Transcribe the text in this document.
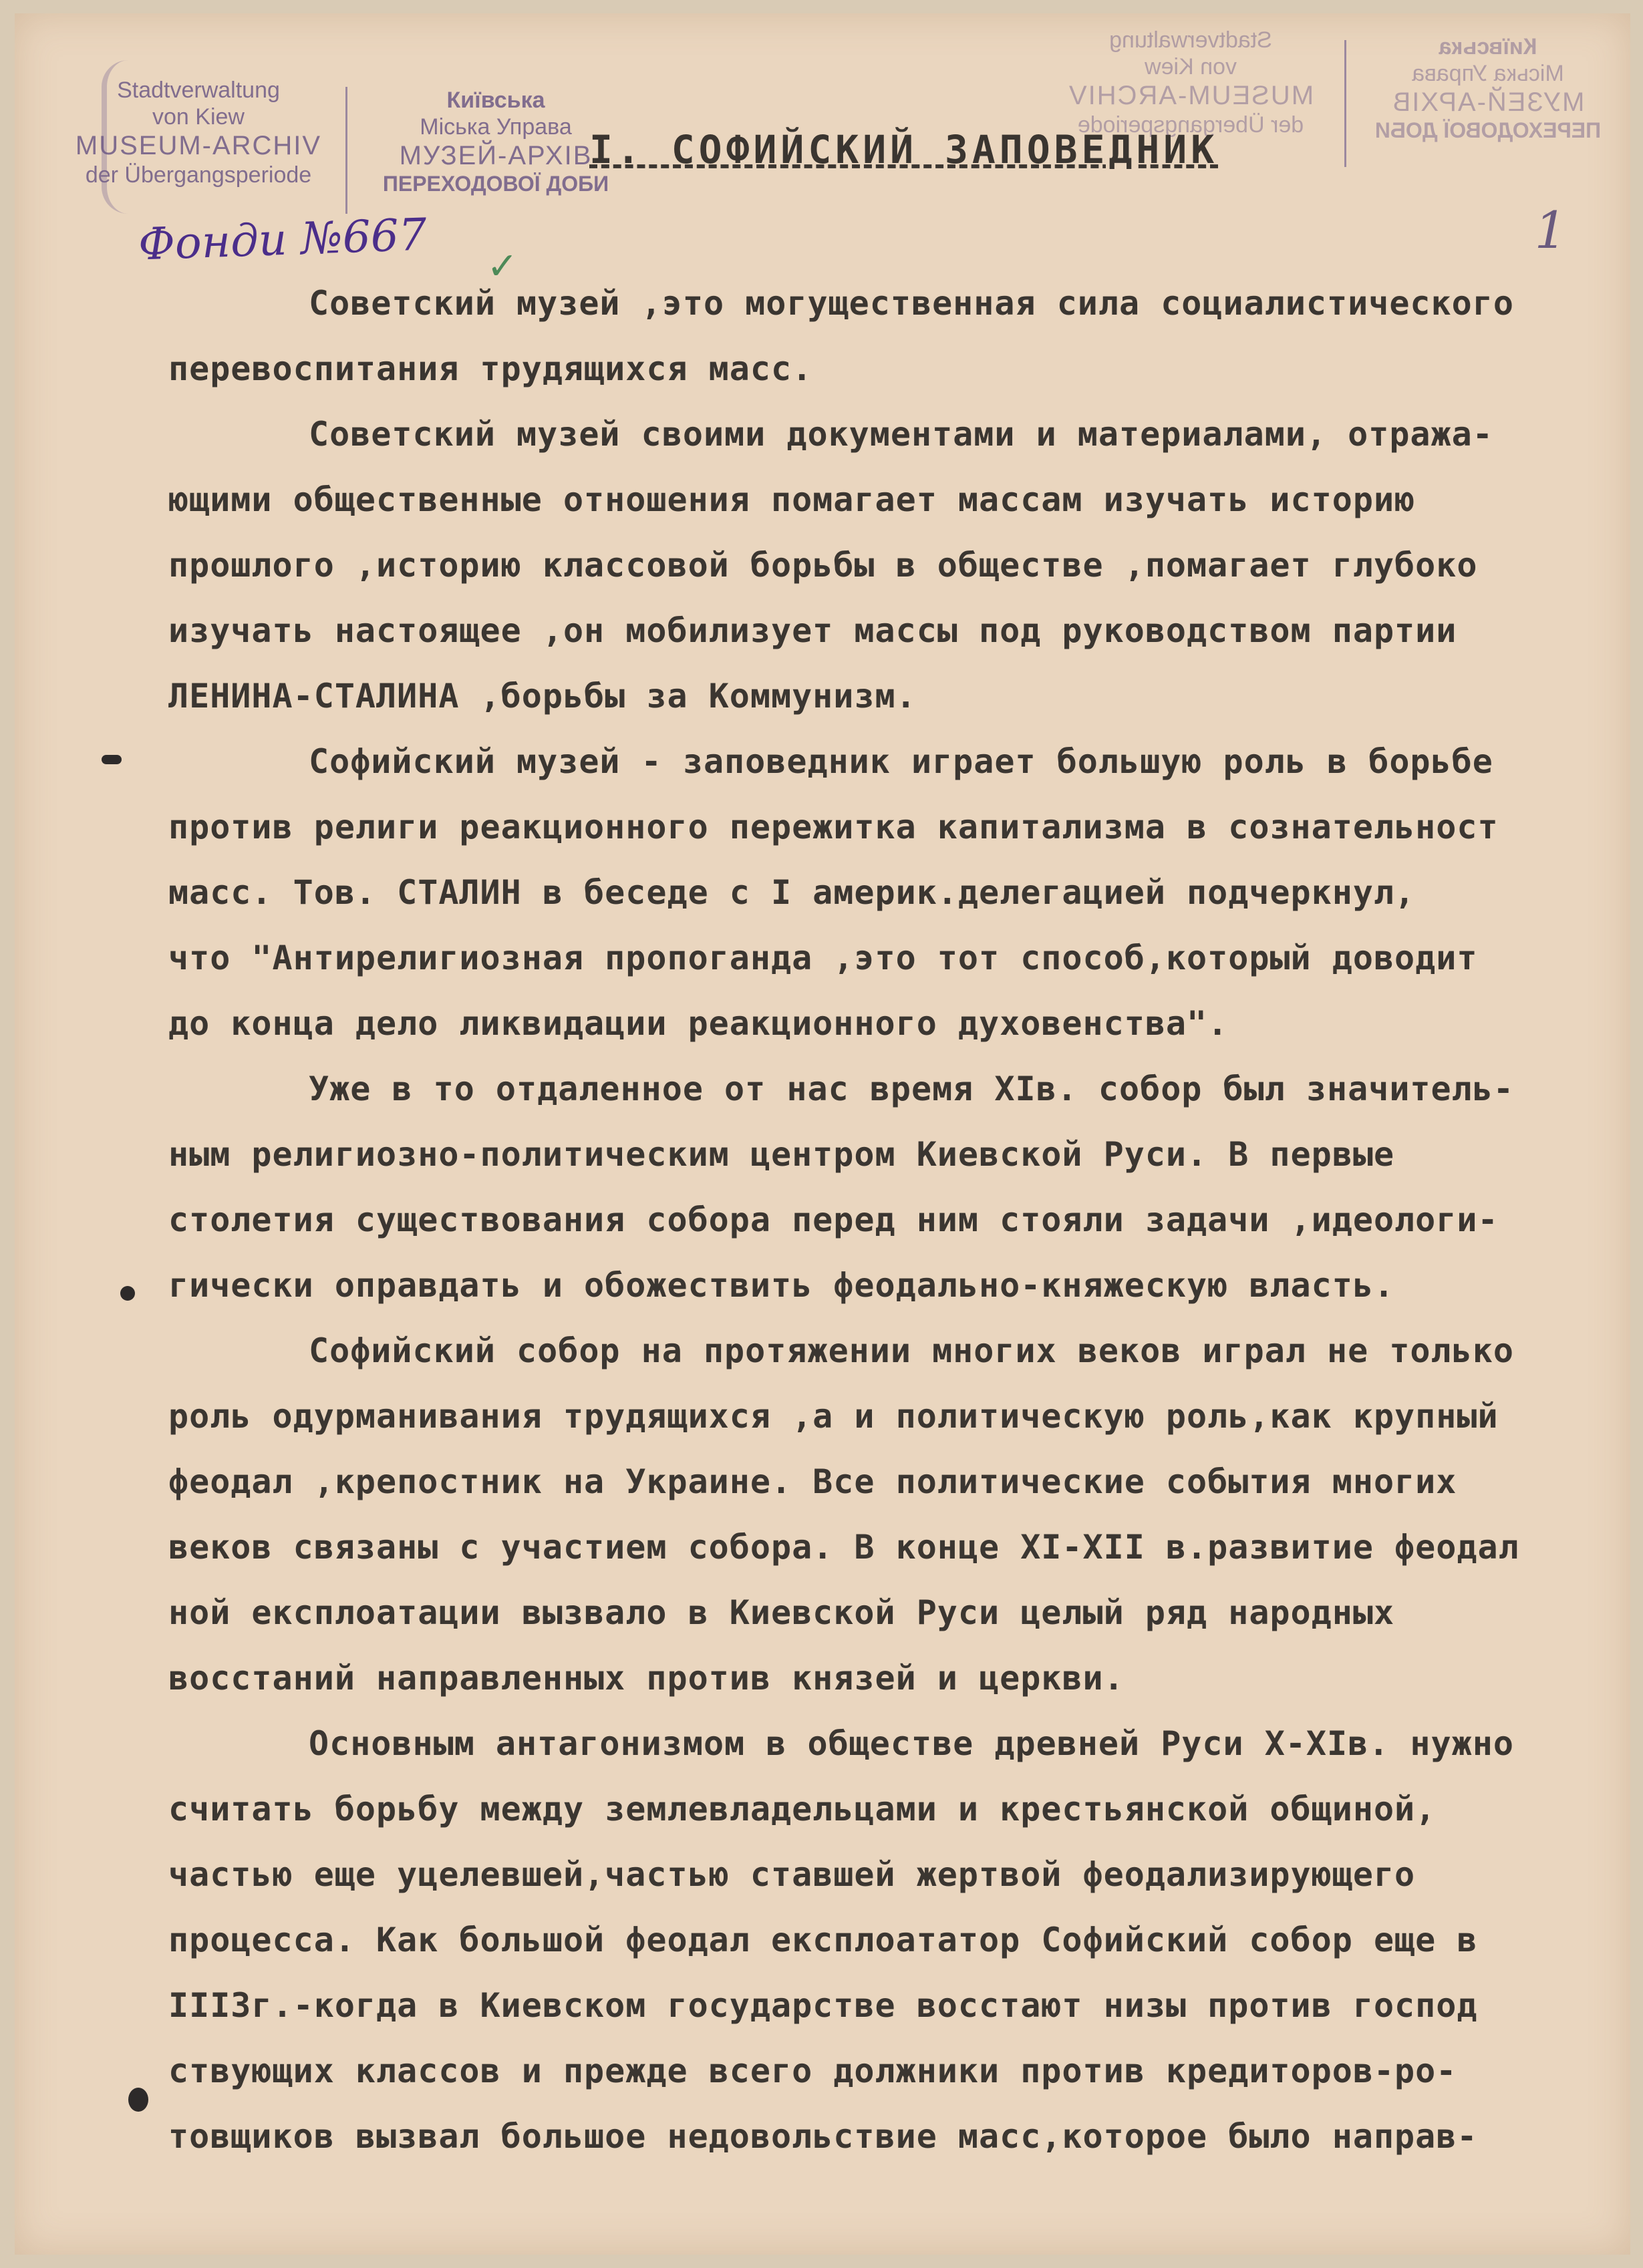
Stadtverwaltung
von Kiew
MUSEUM-ARCHIV
der Übergangsperiode
Київська
Міська Управа
МУЗЕЙ-АРХІВ
ПЕРЕХОДОВОЇ ДОБИ
Stadtverwaltung
von Kiew
MUSEUM-ARCHIV
der Übergangsperiode
Київська
Міська Управа
МУЗЕЙ-АРХІВ
ПЕРЕХОДОВОЇ ДОБИ
I. СОФИЙСКИЙ ЗАПОВЕДНИК
Фонди №667 ✓
1
Советский музей ,это могущественная сила социалистического
перевоспитания трудящихся масс.
Советский музей своими документами и материалами, отража-
ющими общественные отношения помагает массам изучать историю
прошлого ,историю классовой борьбы в обществе ,помагает глубоко
изучать настоящее ,он мобилизует массы под руководством партии
ЛЕНИНА-СТАЛИНА ,борьбы за Коммунизм.
Софийский музей - заповедник играет большую роль в борьбе
против религи реакционного пережитка капитализма в сознательност
масс. Тов. СТАЛИН в беседе с I америк.делегацией подчеркнул,
что "Антирелигиозная пропоганда ,это тот способ,который доводит
до конца дело ликвидации реакционного духовенства".
Уже в то отдаленное от нас время XIв. собор был значитель-
ным религиозно-политическим центром Киевской Руси. В первые
столетия существования собора перед ним стояли задачи ,идеологи-
гически оправдать и обожествить феодально-княжескую власть.
Софийский собор на протяжении многих веков играл не только
роль одурманивания трудящихся ,а и политическую роль,как крупный
феодал ,крепостник на Украине. Все политические события многих
веков связаны с участием собора. В конце XI-XII в.развитие феодал
ной експлоатации вызвало в Киевской Руси целый ряд народных
восстаний направленных против князей и церкви.
Основным антагонизмом в обществе древней Руси X-XIв. нужно
считать борьбу между землевладельцами и крестьянской общиной,
частью еще уцелевшей,частью ставшей жертвой феодализирующего
процесса. Как большой феодал експлоататор Софийский собор еще в
III3г.-когда в Киевском государстве восстают низы против господ
ствующих классов и прежде всего должники против кредиторов-ро-
товщиков вызвал большое недовольствие масс,которое было направ-
